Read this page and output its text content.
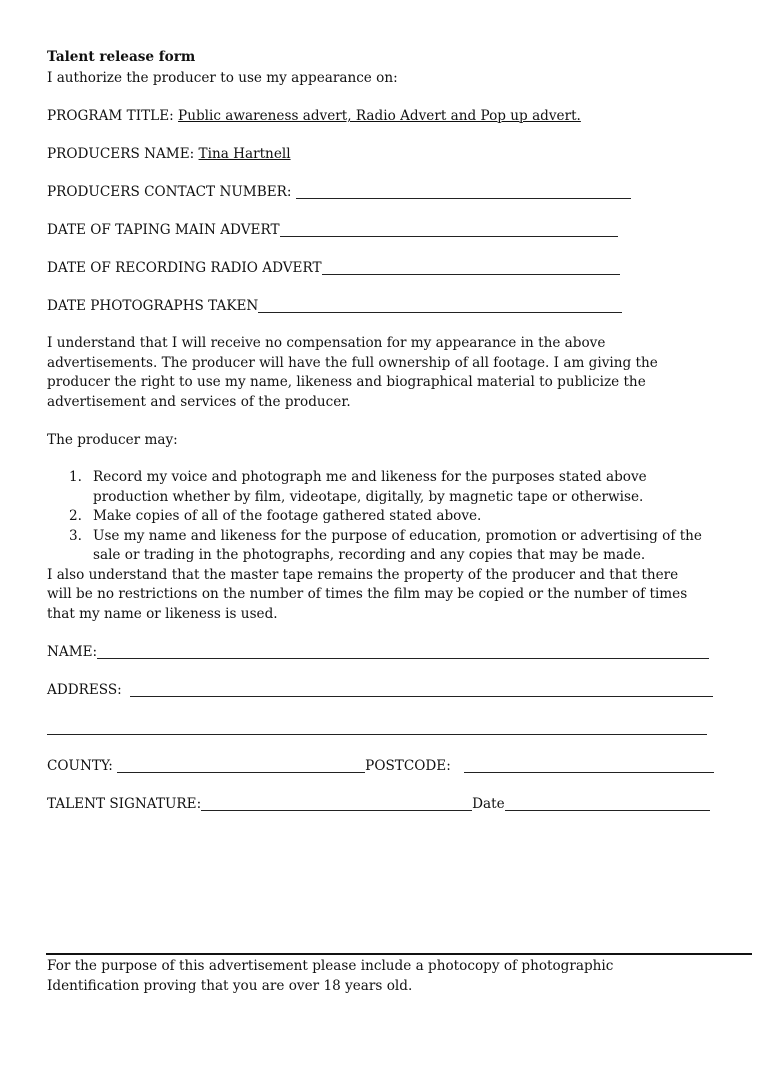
Talent release form
I authorize the producer to use my appearance on:
PROGRAM TITLE:
Public awareness advert, Radio Advert and Pop up advert.
PRODUCERS NAME:
Tina Hartnell
PRODUCERS CONTACT NUMBER:

DATE OF TAPING MAIN ADVERT
DATE OF RECORDING RADIO ADVERT
DATE PHOTOGRAPHS TAKEN
I understand that I will receive no compensation for my appearance in the above
advertisements. The producer will have the full ownership of all footage. I am giving the
producer the right to use my name, likeness and biographical material to publicize the
advertisement and services of the producer.
The producer may:
1. Record my voice and photograph me and likeness for the purposes stated above
production whether by film, videotape, digitally, by magnetic tape or otherwise.
2. Make copies of all of the footage gathered stated above.
3. Use my name and likeness for the purpose of education, promotion or advertising of the
sale or trading in the photographs, recording and any copies that may be made.
I also understand that the master tape remains the property of the producer and that there
will be no restrictions on the number of times the film may be copied or the number of times
that my name or likeness is used.
NAME:
ADDRESS:

COUNTY:
	POSTCODE:

TALENT SIGNATURE:	Date
For the purpose of this advertisement please include a photocopy of photographic
Identification proving that you are over 18 years old.
